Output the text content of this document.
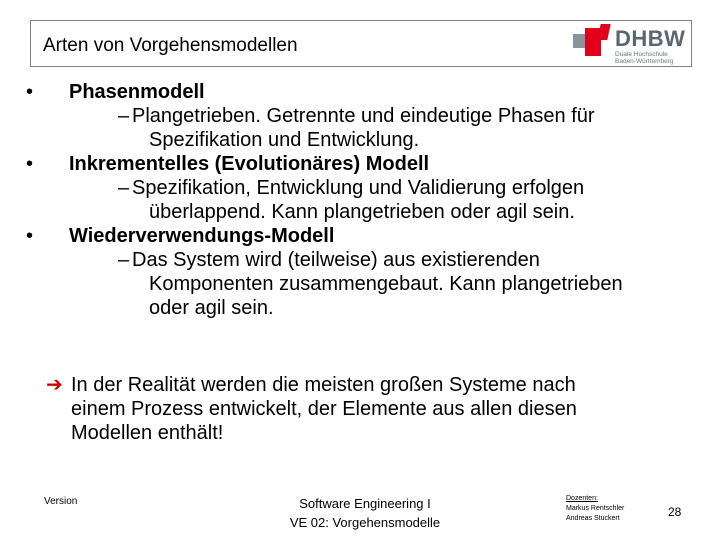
Arten von Vorgehensmodellen	DHBW
Duale Hochschule
Baden-Württemberg
• Phasenmodell
– Plangetrieben. Getrennte und eindeutige Phasen für
Spezifikation und Entwicklung.
• Inkrementelles (Evolutionäres) Modell
– Spezifikation, Entwicklung und Validierung erfolgen
überlappend. Kann plangetrieben oder agil sein.
• Wiederverwendungs-Modell
– Das System wird (teilweise) aus existierenden
Komponenten zusammengebaut. Kann plangetrieben
oder agil sein.
➔ In der Realität werden die meisten großen Systeme nach
einem Prozess entwickelt, der Elemente aus allen diesen
Modellen enthält!
Version	Software Engineering I
VE 02: Vorgehensmodelle
Dozenten:
Markus Rentschler
Andreas Stuckert	28
